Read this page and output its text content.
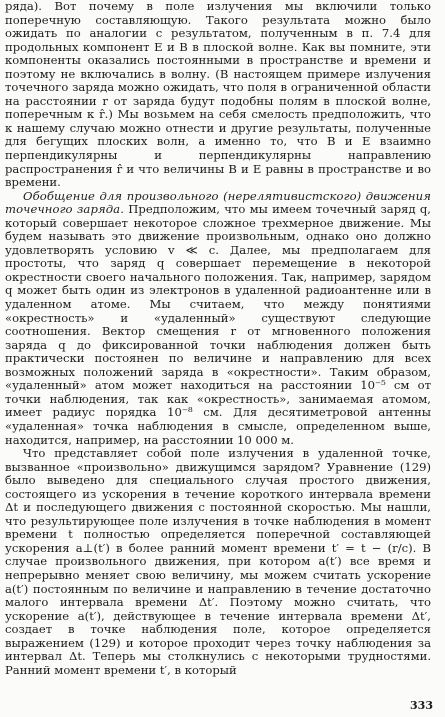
ряда). Вот почему в поле излучения мы включили только поперечную составляющую. Такого результата можно было ожидать по аналогии с результатом, полученным в п. 7.4 для продольных компонент E и B в плоской волне. Как вы помните, эти компоненты оказались постоянными в пространстве и времени и поэтому не включались в волну. (В настоящем примере излучения точечного заряда можно ожидать, что поля в ограниченной области на расстоянии r от заряда будут подобны полям в плоской волне, поперечным к r̂.) Мы возьмем на себя смелость предположить, что к нашему случаю можно отнести и другие результаты, полученные для бегущих плоских волн, а именно то, что B и E взаимно перпендикулярны и перпендикулярны направлению распространения r̂ и что величины B и E равны в пространстве и во времени.

Обобщение для произвольного (нерелятивистского) движения точечного заряда. Предположим, что мы имеем точечный заряд q, который совершает некоторое сложное трехмерное движение. Мы будем называть это движение произвольным, однако оно должно удовлетворять условию v ≪ c. Далее, мы предполагаем для простоты, что заряд q совершает перемещение в некоторой окрестности своего начального положения. Так, например, зарядом q может быть один из электронов в удаленной радиоантенне или в удаленном атоме. Мы считаем, что между понятиями «окрестность» и «удаленный» существуют следующие соотношения. Вектор смещения r от мгновенного положения заряда q до фиксированной точки наблюдения должен быть практически постоянен по величине и направлению для всех возможных положений заряда в «окрестности». Таким образом, «удаленный» атом может находиться на расстоянии 10⁻⁵ см от точки наблюдения, так как «окрестность», занимаемая атомом, имеет радиус порядка 10⁻⁸ см. Для десятиметровой антенны «удаленная» точка наблюдения в смысле, определенном выше, находится, например, на расстоянии 10 000 м.

Что представляет собой поле излучения в удаленной точке, вызванное «произвольно» движущимся зарядом? Уравнение (129) было выведено для специального случая простого движения, состоящего из ускорения в течение короткого интервала времени Δt и последующего движения с постоянной скоростью. Мы нашли, что результирующее поле излучения в точке наблюдения в момент времени t полностью определяется поперечной составляющей ускорения a⊥(t′) в более ранний момент времени t′ = t − (r/c). В случае произвольного движения, при котором a(t′) все время и непрерывно меняет свою величину, мы можем считать ускорение a(t′) постоянным по величине и направлению в течение достаточно малого интервала времени Δt′. Поэтому можно считать, что ускорение a(t′), действующее в течение интервала времени Δt′, создает в точке наблюдения поле, которое определяется выражением (129) и которое проходит через точку наблюдения за интервал Δt. Теперь мы столкнулись с некоторыми трудностями. Ранний момент времени t′, в который

333
